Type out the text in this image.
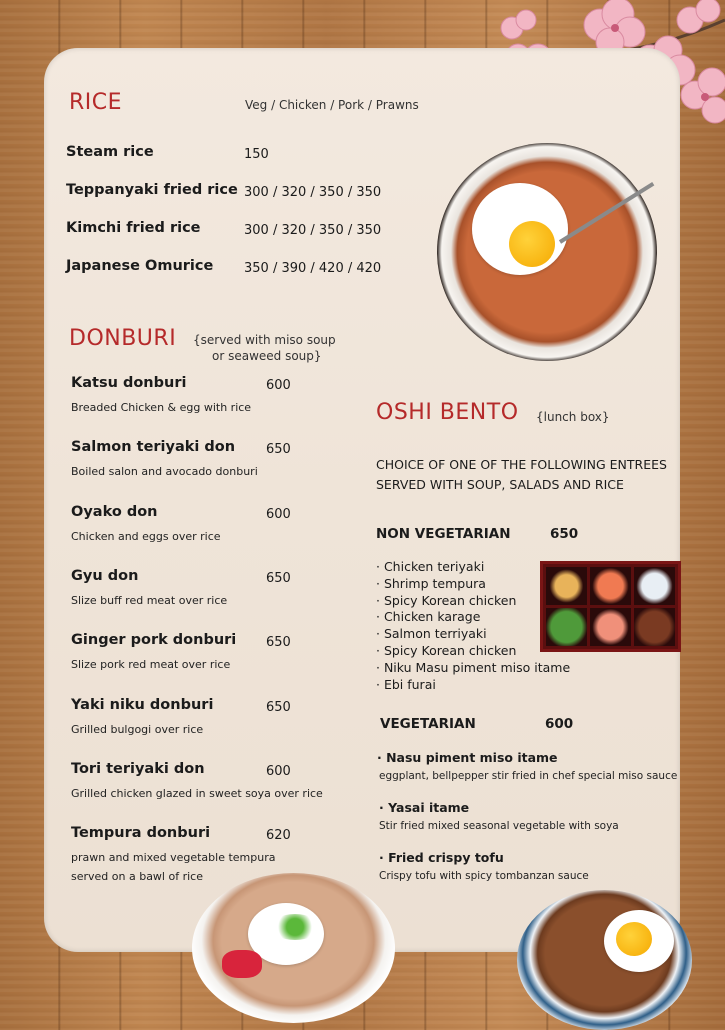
RICE	Veg / Chicken / Pork / Prawns
Steam rice	150
Teppanyaki fried rice 300 / 320 / 350 / 350
Kimchi fried rice	300 / 320 / 350 / 350
Japanese Omurice 350 / 390 / 420 / 420
DONBURI {served with miso soup
or seaweed soup}
Katsu donburi	600
Breaded Chicken & egg with rice
Salmon teriyaki don 650
Boiled salon and avocado donburi
Oyako don	600
Chicken and eggs over rice
Gyu don	650
Slize buff red meat over rice
Ginger pork donburi 650
Slize pork red meat over rice
Yaki niku donburi	650
Grilled bulgogi over rice
Tori teriyaki don	600
Grilled chicken glazed in sweet soya over rice
Tempura donburi	620
prawn and mixed vegetable tempura
served on a bawl of rice
OSHI BENTO {lunch box}
CHOICE OF ONE OF THE FOLLOWING ENTREES
SERVED WITH SOUP, SALADS AND RICE
NON VEGETARIAN	650
· Chicken teriyaki
· Shrimp tempura
· Spicy Korean chicken
· Chicken karage
· Salmon terriyaki
· Spicy Korean chicken
· Niku Masu piment miso itame
· Ebi furai
VEGETARIAN	600
· Nasu piment miso itame
eggplant, bellpepper stir fried in chef special miso sauce
· Yasai itame
Stir fried mixed seasonal vegetable with soya
· Fried crispy tofu
Crispy tofu with spicy tombanzan sauce
